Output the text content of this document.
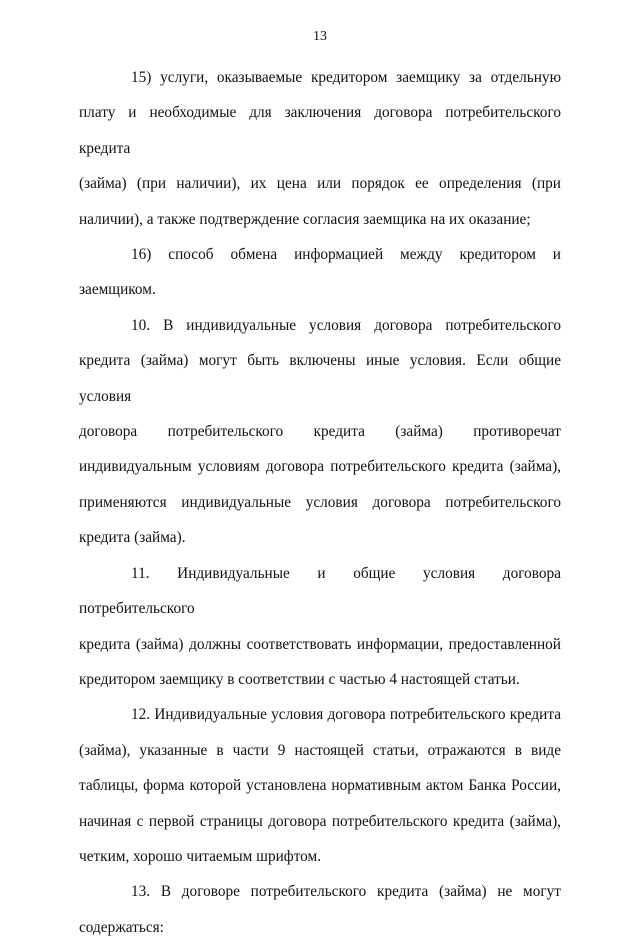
13

15) услуги, оказываемые кредитором заемщику за отдельную
плату и необходимые для заключения договора потребительского кредита
(займа) (при наличии), их цена или порядок ее определения (при
наличии), а также подтверждение согласия заемщика на их оказание;

16) способ обмена информацией между кредитором и заемщиком.

10. В индивидуальные условия договора потребительского
кредита (займа) могут быть включены иные условия. Если общие условия
договора потребительского кредита (займа) противоречат
индивидуальным условиям договора потребительского кредита (займа),
применяются индивидуальные условия договора потребительского
кредита (займа).

11. Индивидуальные и общие условия договора потребительского
кредита (займа) должны соответствовать информации, предоставленной
кредитором заемщику в соответствии с частью 4 настоящей статьи.

12. Индивидуальные условия договора потребительского кредита
(займа), указанные в части 9 настоящей статьи, отражаются в виде
таблицы, форма которой установлена нормативным актом Банка России,
начиная с первой страницы договора потребительского кредита (займа),
четким, хорошо читаемым шрифтом.

13. В договоре потребительского кредита (займа) не могут
содержаться:
